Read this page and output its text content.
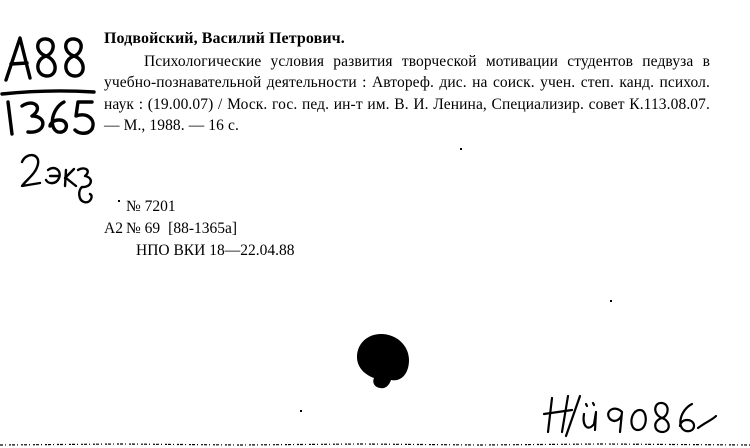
Подвойский, Василий Петрович.

Психологические условия развития творческой мотивации студентов педвуза в учебно-познавательной деятельности : Автореф. дис. на соиск. учен. степ. канд. психол. наук : (19.00.07) / Моск. гос. пед. ин-т им. В. И. Ленина, Специализир. совет К.113.08.07. — М., 1988. — 16 с.

№ 7201
А2 № 69 [88-1365а]
НПО ВКИ 18—22.04.88
